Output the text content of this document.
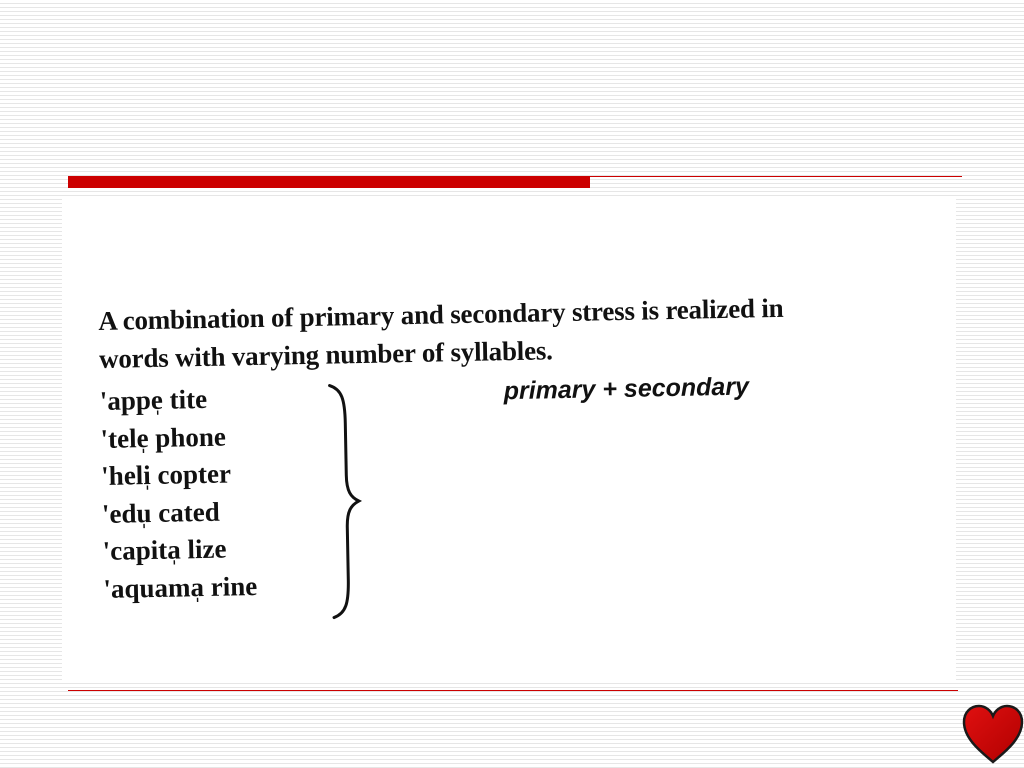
A combination of primary and secondary stress is realized in
words with varying number of syllables.
'appe̩ tite
'tele̩ phone
'heli̩ copter
'edu̩ cated
'capita̩ lize
'aquama̩ rine
primary + secondary
